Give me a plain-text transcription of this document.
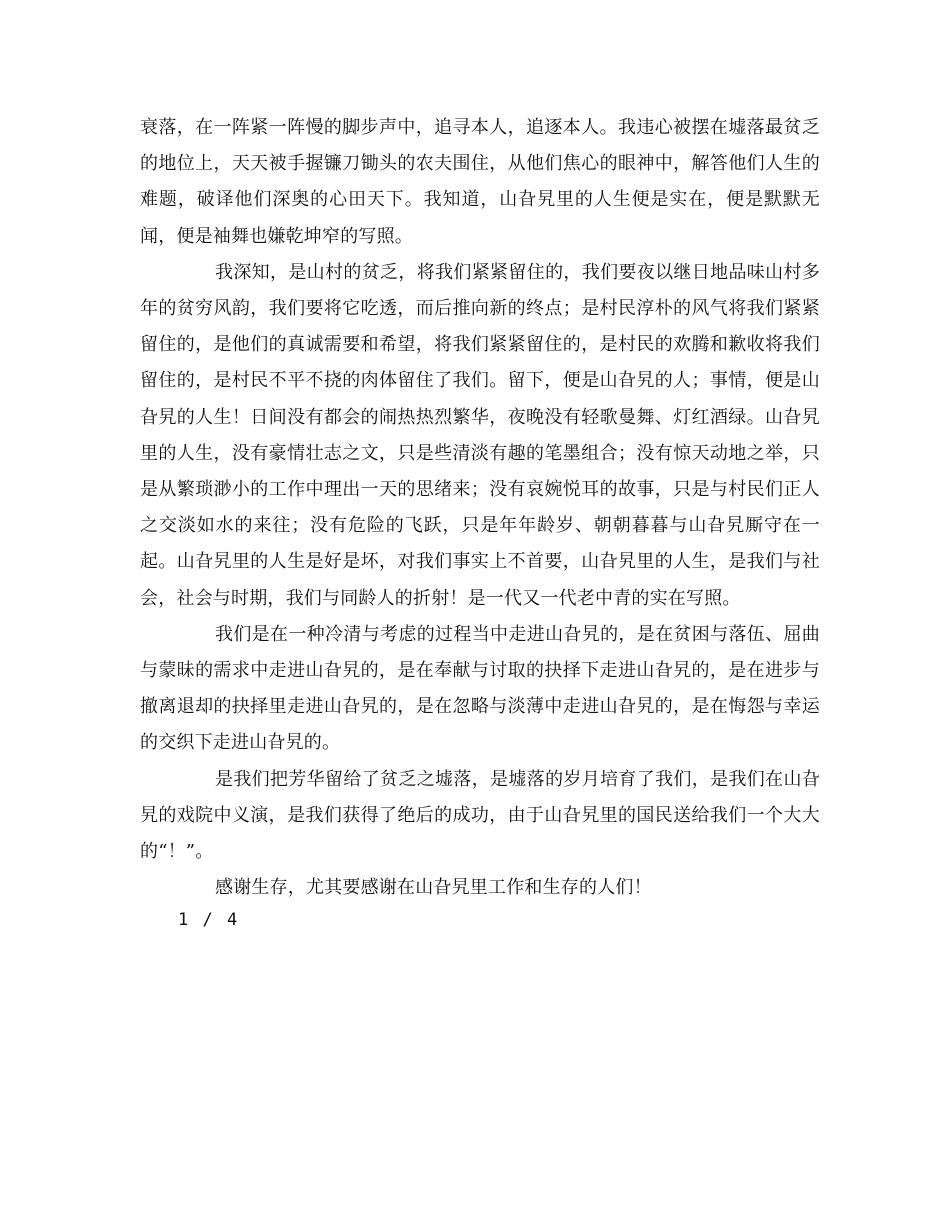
衰落，在一阵紧一阵慢的脚步声中，追寻本人，追逐本人。我违心被摆在墟落最贫乏的地位上，天天被手握镰刀锄头的农夫围住，从他们焦心的眼神中，解答他们人生的难题，破译他们深奥的心田天下。我知道，山旮旯里的人生便是实在，便是默默无闻，便是袖舞也嫌乾坤窄的写照。

我深知，是山村的贫乏，将我们紧紧留住的，我们要夜以继日地品味山村多年的贫穷风韵，我们要将它吃透，而后推向新的终点；是村民淳朴的风气将我们紧紧留住的，是他们的真诚需要和希望，将我们紧紧留住的，是村民的欢腾和歉收将我们留住的，是村民不平不挠的肉体留住了我们。留下，便是山旮旯的人；事情，便是山旮旯的人生！日间没有都会的闹热热烈繁华，夜晚没有轻歌曼舞、灯红酒绿。山旮旯里的人生，没有豪情壮志之文，只是些清淡有趣的笔墨组合；没有惊天动地之举，只是从繁琐渺小的工作中理出一天的思绪来；没有哀婉悦耳的故事，只是与村民们正人之交淡如水的来往；没有危险的飞跃，只是年年龄岁、朝朝暮暮与山旮旯厮守在一起。山旮旯里的人生是好是坏，对我们事实上不首要，山旮旯里的人生，是我们与社会，社会与时期，我们与同龄人的折射！是一代又一代老中青的实在写照。

我们是在一种冷清与考虑的过程当中走进山旮旯的，是在贫困与落伍、屈曲与蒙昧的需求中走进山旮旯的，是在奉献与讨取的抉择下走进山旮旯的，是在进步与撤离退却的抉择里走进山旮旯的，是在忽略与淡薄中走进山旮旯的，是在悔怨与幸运的交织下走进山旮旯的。

是我们把芳华留给了贫乏之墟落，是墟落的岁月培育了我们，是我们在山旮旯的戏院中义演，是我们获得了绝后的成功，由于山旮旯里的国民送给我们一个大大的“！”。

感谢生存，尤其要感谢在山旮旯里工作和生存的人们！

1 / 4
